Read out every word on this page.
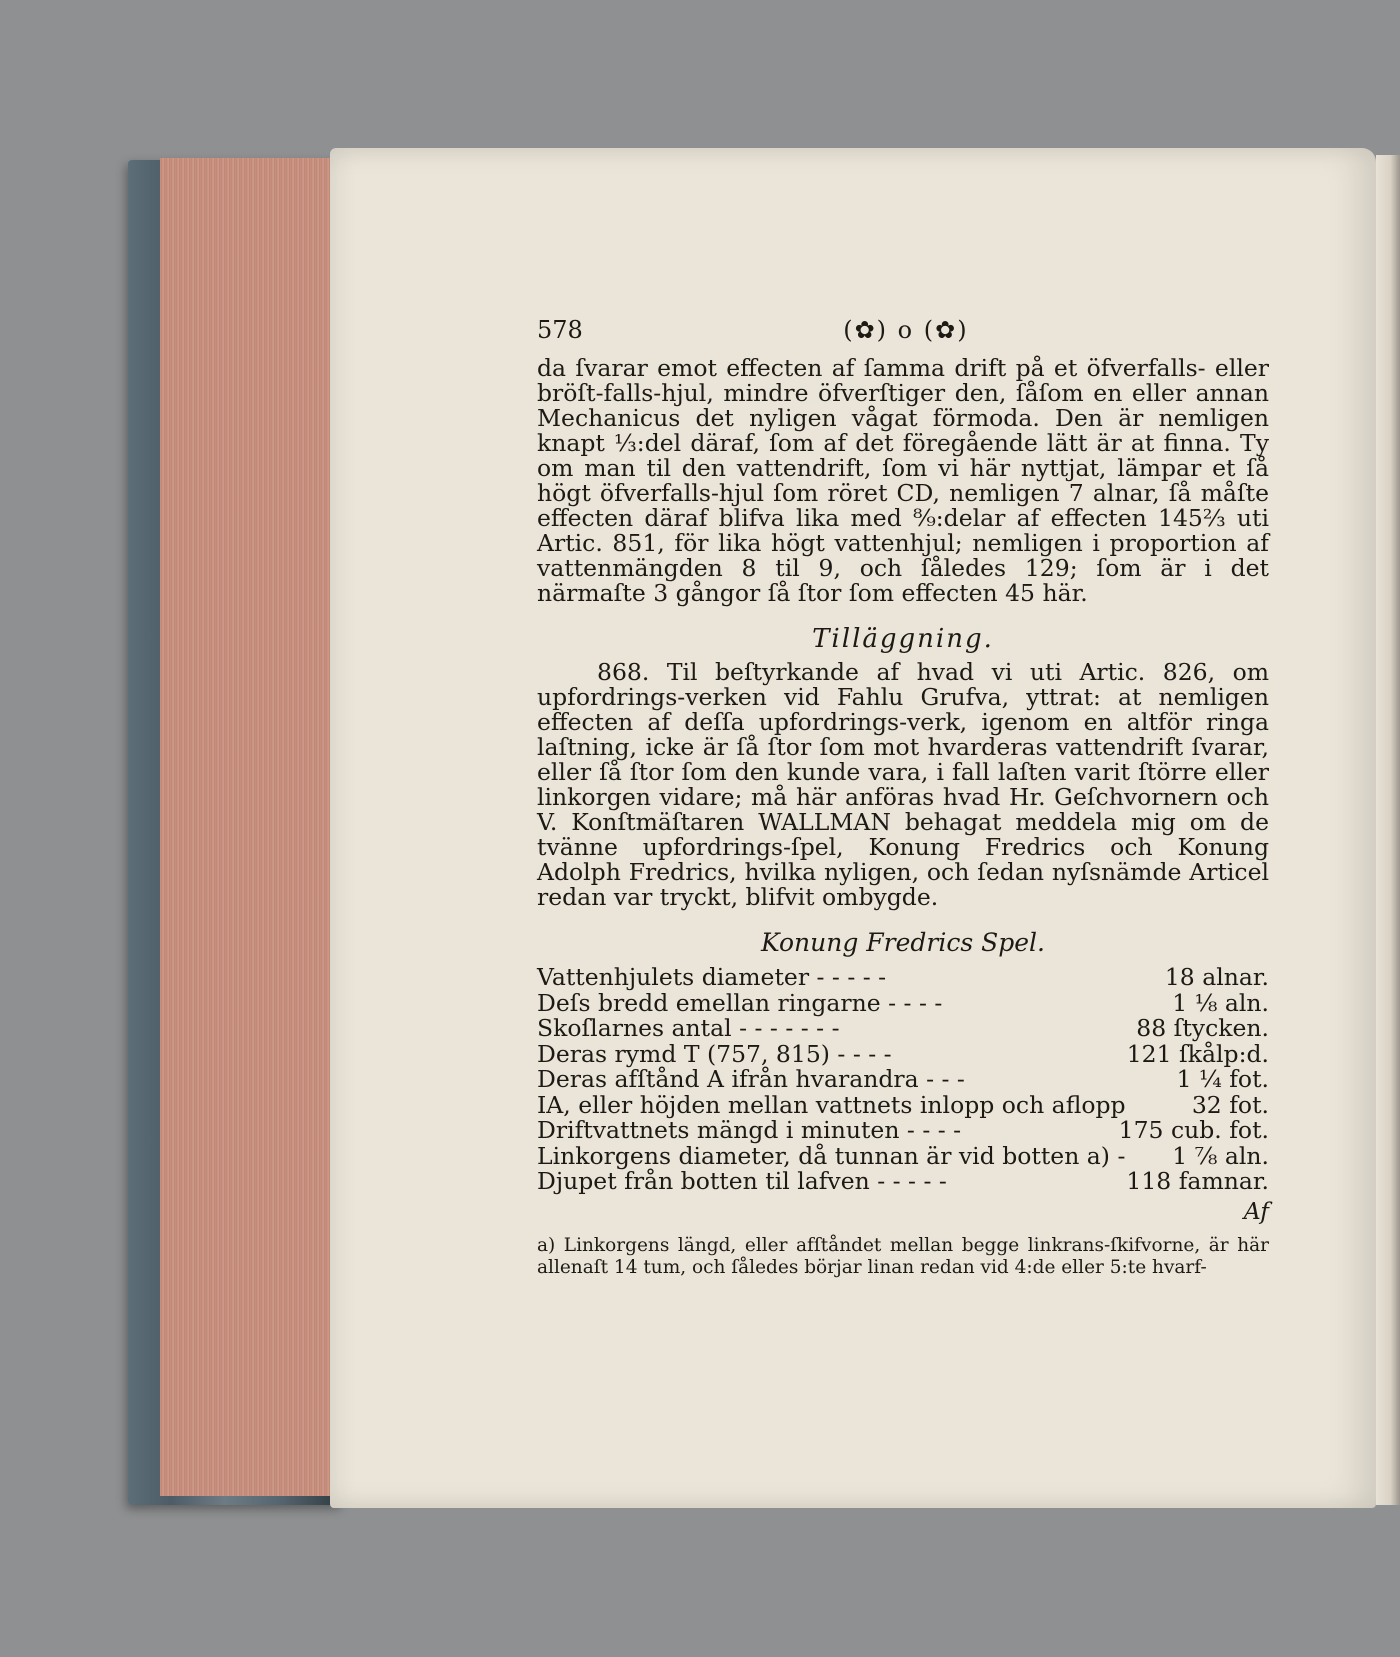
578	(✿) o (✿)

da ſvarar emot effecten af ſamma drift på et öfverfalls- eller bröſt-falls-hjul, mindre öfverſtiger den, ſåſom en eller annan Mechanicus det nyligen vågat förmoda. Den är nemligen knapt ⅓:del däraf, ſom af det föregående lätt är at finna. Ty om man til den vattendrift, ſom vi här nyttjat, lämpar et ſå högt öfverfalls-hjul ſom röret CD, nemligen 7 alnar, ſå måſte effecten däraf blifva lika med ⁸⁄₉:delar af effecten 145⅔ uti Artic. 851, för lika högt vattenhjul; nemligen i proportion af vattenmängden 8 til 9, och ſåledes 129; ſom är i det närmaſte 3 gångor ſå ſtor ſom effecten 45 här.

Tilläggning.

868. Til beſtyrkande af hvad vi uti Artic. 826, om upfordrings-verken vid Fahlu Grufva, yttrat: at nemligen effecten af deſſa upfordrings-verk, igenom en altför ringa laſtning, icke är ſå ſtor ſom mot hvarderas vattendrift ſvarar, eller ſå ſtor ſom den kunde vara, i fall laſten varit ſtörre eller linkorgen vidare; må här anföras hvad Hr. Geſchvornern och V. Konſtmäſtaren WALLMAN behagat meddela mig om de tvänne upfordrings-ſpel, Konung Fredrics och Konung Adolph Fredrics, hvilka nyligen, och ſedan nyſsnämde Articel redan var tryckt, blifvit ombygde.

Konung Fredrics Spel.
Vattenhjulets diameter - - - - -	18 alnar.
Deſs bredd emellan ringarne - - - -	1 ⅛ aln.
Skoſlarnes antal - - - - - - -	88 ſtycken.
Deras rymd T (757, 815) - - - -	121 ſkålp:d.
Deras afſtånd A ifrån hvarandra - - -	1 ¼ fot.
IA, eller höjden mellan vattnets inlopp och aflopp	32 fot.
Driftvattnets mängd i minuten - - - -	175 cub. fot.
Linkorgens diameter, då tunnan är vid botten a) -	1 ⅞ aln.
Djupet från botten til lafven - - - - -	118 famnar.
Af

a) Linkorgens längd, eller afſtåndet mellan begge linkrans-ſkifvorne, är här allenaſt 14 tum, och ſåledes börjar linan redan vid 4:de eller 5:te hvarf-
